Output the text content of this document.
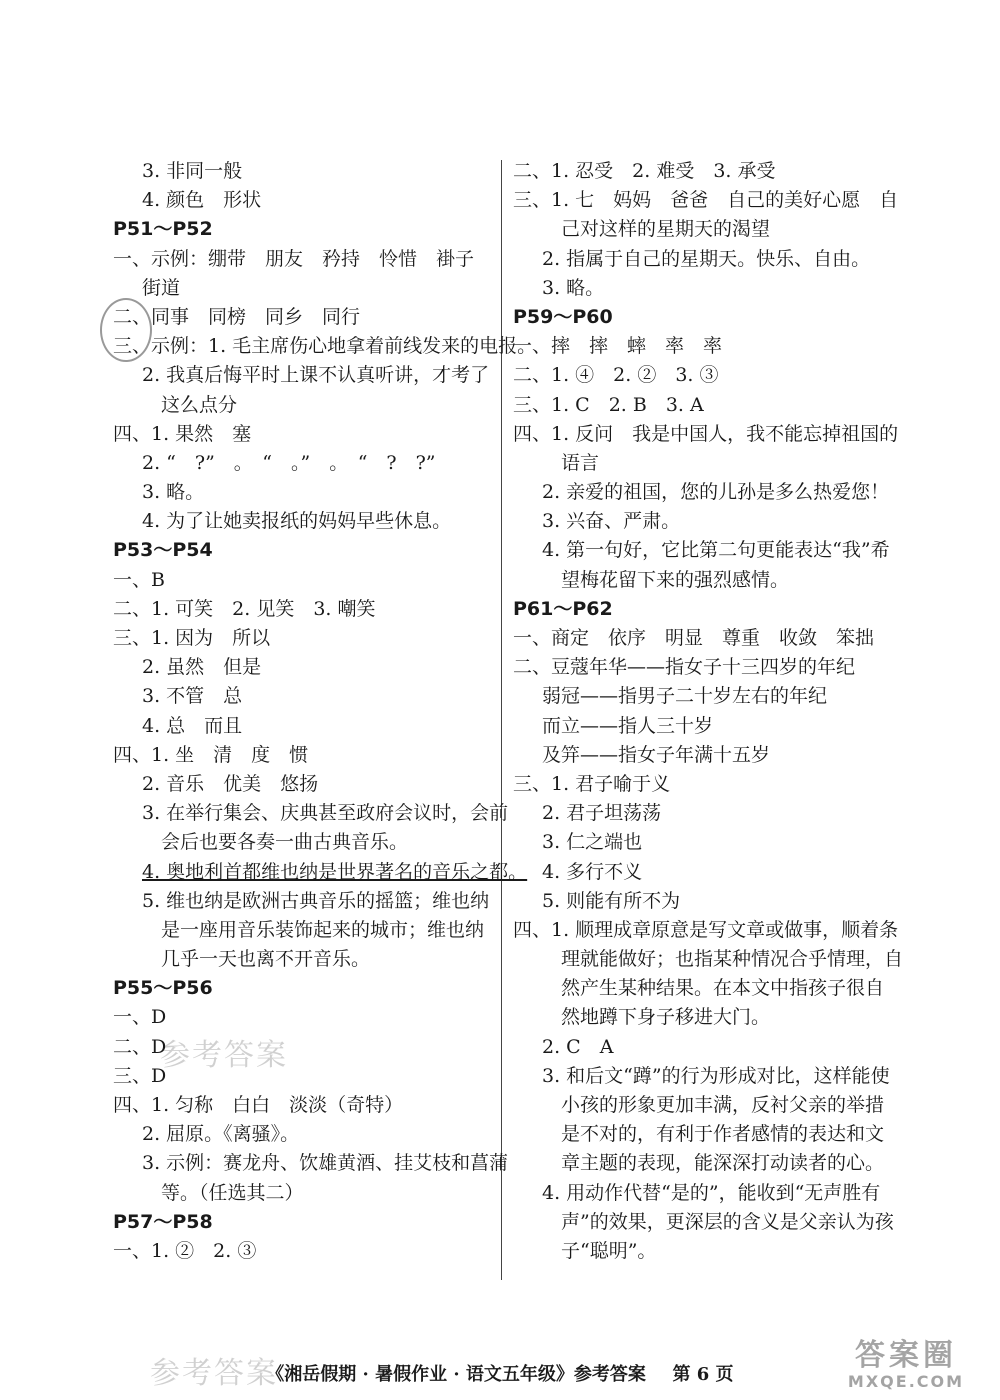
参考答案
参考答案
3. 非同一般
4. 颜色　形状
P51～P52
一、示例：绷带　朋友　矜持　怜惜　褂子
街道
二、同事　同榜　同乡　同行
三、示例：1. 毛主席伤心地拿着前线发来的电报。
2. 我真后悔平时上课不认真听讲，才考了
这么点分
四、1. 果然　塞
2. “　?”　。　“　。”　。　“　?　?”
3. 略。
4. 为了让她卖报纸的妈妈早些休息。
P53～P54
一、B
二、1. 可笑　2. 见笑　3. 嘲笑
三、1. 因为　所以
2. 虽然　但是
3. 不管　总
4. 总　而且
四、1. 坐　清　度　惯
2. 音乐　优美　悠扬
3. 在举行集会、庆典甚至政府会议时，会前
会后也要各奏一曲古典音乐。
4. 奥地利首都维也纳是世界著名的音乐之都。
5. 维也纳是欧洲古典音乐的摇篮；维也纳
是一座用音乐装饰起来的城市；维也纳
几乎一天也离不开音乐。
P55～P56
一、D
二、D
三、D
四、1. 匀称　白白　淡淡（奇特）
2. 屈原。《离骚》。
3. 示例：赛龙舟、饮雄黄酒、挂艾枝和菖蒲
等。（任选其二）
P57～P58
一、1. ②　2. ③
二、1. 忍受　2. 难受　3. 承受
三、1. 七　妈妈　爸爸　自己的美好心愿　自
己对这样的星期天的渴望
2. 指属于自己的星期天。快乐、自由。
3. 略。
P59～P60
一、摔　摔　蟀　率　率
二、1. ④　2. ②　3. ③
三、1. C　2. B　3. A
四、1. 反问　我是中国人，我不能忘掉祖国的
语言
2. 亲爱的祖国，您的儿孙是多么热爱您！
3. 兴奋、严肃。
4. 第一句好，它比第二句更能表达“我”希
望梅花留下来的强烈感情。
P61～P62
一、商定　依序　明显　尊重　收敛　笨拙
二、豆蔻年华——指女子十三四岁的年纪
弱冠——指男子二十岁左右的年纪
而立——指人三十岁
及笄——指女子年满十五岁
三、1. 君子喻于义
2. 君子坦荡荡
3. 仁之端也
4. 多行不义
5. 则能有所不为
四、1. 顺理成章原意是写文章或做事，顺着条
理就能做好；也指某种情况合乎情理，自
然产生某种结果。在本文中指孩子很自
然地蹲下身子移进大门。
2. C　A
3. 和后文“蹲”的行为形成对比，这样能使
小孩的形象更加丰满，反衬父亲的举措
是不对的，有利于作者感情的表达和文
章主题的表现，能深深打动读者的心。
4. 用动作代替“是的”，能收到“无声胜有
声”的效果，更深层的含义是父亲认为孩
子“聪明”。
《湘岳假期 · 暑假作业 · 语文五年级》参考答案 第 6 页
答案圈
MXQE.COM
